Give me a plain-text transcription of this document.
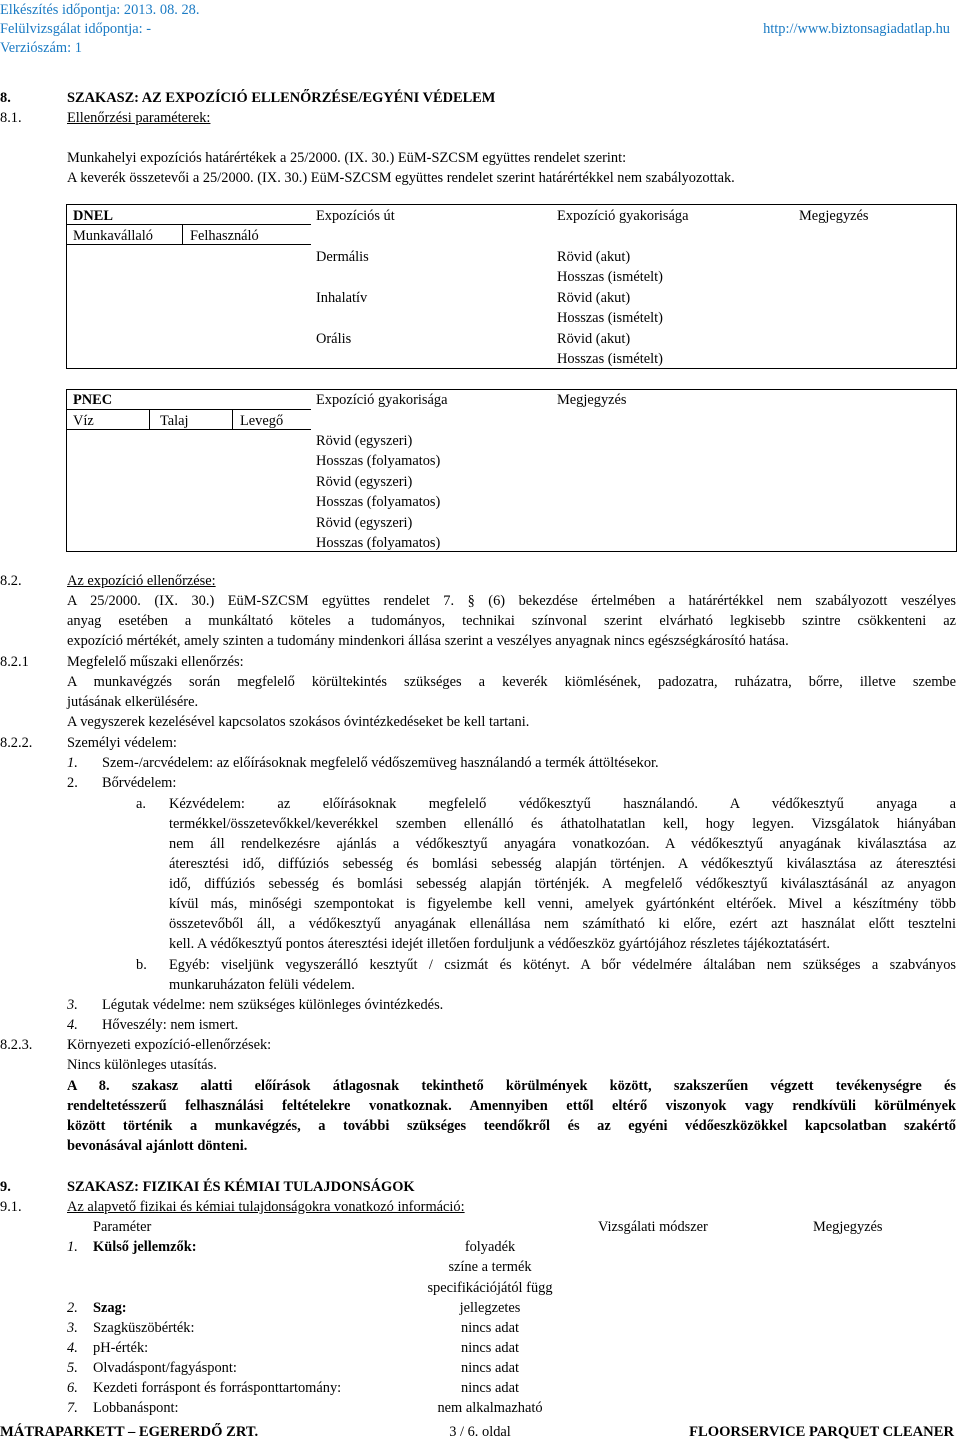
Elkészítés időpontja: 2013. 08. 28.
Felülvizsgálat időpontja: -
Verziószám: 1
http://www.biztonsagiadatlap.hu
8.	SZAKASZ: AZ EXPOZÍCIÓ ELLENŐRZÉSE/EGYÉNI VÉDELEM
8.1.	Ellenőrzési paraméterek:
Munkahelyi expozíciós határértékek a 25/2000. (IX. 30.) EüM-SZCSM együttes rendelet szerint:
A keverék összetevői a 25/2000. (IX. 30.) EüM-SZCSM együttes rendelet szerint határértékkel nem szabályozottak.
DNEL	Expozíciós út	Expozíció gyakorisága	Megjegyzés
Munkavállaló	Felhasználó
Dermális	Rövid (akut)
Hosszas (ismételt)
Inhalatív	Rövid (akut)
Hosszas (ismételt)
Orális	Rövid (akut)
Hosszas (ismételt)
PNEC	Expozíció gyakorisága	Megjegyzés
Víz	Talaj	Levegő
Rövid (egyszeri)
Hosszas (folyamatos)
Rövid (egyszeri)
Hosszas (folyamatos)
Rövid (egyszeri)
Hosszas (folyamatos)
8.2.	Az expozíció ellenőrzése:
A 25/2000. (IX. 30.) EüM-SZCSM együttes rendelet 7. § (6) bekezdése értelmében a határértékkel nem szabályozott veszélyes
anyag esetében a munkáltató köteles a tudományos, technikai színvonal szerint elvárható legkisebb szintre csökkenteni az
expozíció mértékét, amely szinten a tudomány mindenkori állása szerint a veszélyes anyagnak nincs egészségkárosító hatása.
8.2.1	Megfelelő műszaki ellenőrzés:
A munkavégzés során megfelelő körültekintés szükséges a keverék kiömlésének, padozatra, ruházatra, bőrre, illetve szembe
jutásának elkerülésére.
A vegyszerek kezelésével kapcsolatos szokásos óvintézkedéseket be kell tartani.
8.2.2. Személyi védelem:
1. Szem-/arcvédelem: az előírásoknak megfelelő védőszemüveg használandó a termék áttöltésekor.
2. Bőrvédelem:
a. Kézvédelem: az előírásoknak megfelelő védőkesztyű használandó. A védőkesztyű anyaga a
termékkel/összetevőkkel/keverékkel szemben ellenálló és áthatolhatatlan kell, hogy legyen. Vizsgálatok hiányában
nem áll rendelkezésre ajánlás a védőkesztyű anyagára vonatkozóan. A védőkesztyű anyagának kiválasztása az
áteresztési idő, diffúziós sebesség és bomlási sebesség alapján történjen. A védőkesztyű kiválasztása az áteresztési
idő, diffúziós sebesség és bomlási sebesség alapján történjék. A megfelelő védőkesztyű kiválasztásánál az anyagon
kívül más, minőségi szempontokat is figyelembe kell venni, amelyek gyártónként eltérőek. Mivel a készítmény több
összetevőből áll, a védőkesztyű anyagának ellenállása nem számítható ki előre, ezért azt használat előtt tesztelni
kell. A védőkesztyű pontos áteresztési idejét illetően forduljunk a védőeszköz gyártójához részletes tájékoztatásért.
b. Egyéb: viseljünk vegyszerálló kesztyűt / csizmát és kötényt. A bőr védelmére általában nem szükséges a szabványos
munkaruházaton felüli védelem.
3. Légutak védelme: nem szükséges különleges óvintézkedés.
4. Hőveszély: nem ismert.
8.2.3. Környezeti expozíció-ellenőrzések:
Nincs különleges utasítás.
A 8. szakasz alatti előírások átlagosnak tekinthető körülmények között, szakszerűen végzett tevékenységre és
rendeltetésszerű felhasználási feltételekre vonatkoznak. Amennyiben ettől eltérő viszonyok vagy rendkívüli körülmények
között történik a munkavégzés, a további szükséges teendőkről és az egyéni védőeszközökkel kapcsolatban szakértő
bevonásával ajánlott dönteni.
9.	SZAKASZ: FIZIKAI ÉS KÉMIAI TULAJDONSÁGOK
9.1.	Az alapvető fizikai és kémiai tulajdonságokra vonatkozó információ:
Paraméter	Vizsgálati módszer	Megjegyzés
1. Külső jellemzők:	folyadék
színe a termék
specifikációjától függ
2. Szag:	jellegzetes
3. Szagküszöbérték:	nincs adat
4. pH-érték:	nincs adat
5. Olvadáspont/fagyáspont:	nincs adat
6. Kezdeti forráspont és forrásponttartomány:	nincs adat
7. Lobbanáspont:	nem alkalmazható
MÁTRAPARKETT – EGERERDŐ ZRT.	3 / 6. oldal	FLOORSERVICE PARQUET CLEANER
